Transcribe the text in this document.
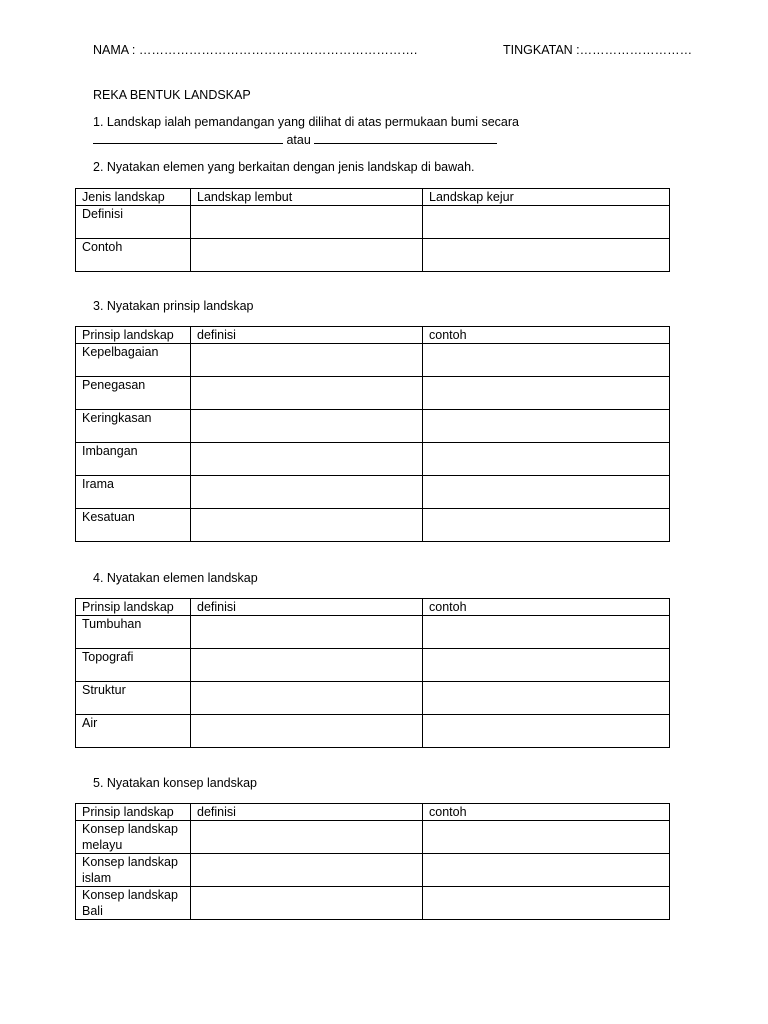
NAMA : ………………………………………………………….	TINGKATAN :………………………
REKA BENTUK LANDSKAP
1. Landskap ialah pemandangan yang dilihat di atas permukaan bumi secara
atau
2. Nyatakan elemen yang berkaitan dengan jenis landskap di bawah.
Jenis landskap	Landskap lembut	Landskap kejur
Definisi		
Contoh		
3. Nyatakan prinsip landskap
Prinsip landskap	definisi	contoh
Kepelbagaian		
Penegasan		
Keringkasan		
Imbangan		
Irama		
Kesatuan		
4. Nyatakan elemen landskap
Prinsip landskap	definisi	contoh
Tumbuhan		
Topografi		
Struktur		
Air		
5. Nyatakan konsep landskap
Prinsip landskap	definisi	contoh
Konsep landskap
melayu		
Konsep landskap
islam		
Konsep landskap
Bali		
